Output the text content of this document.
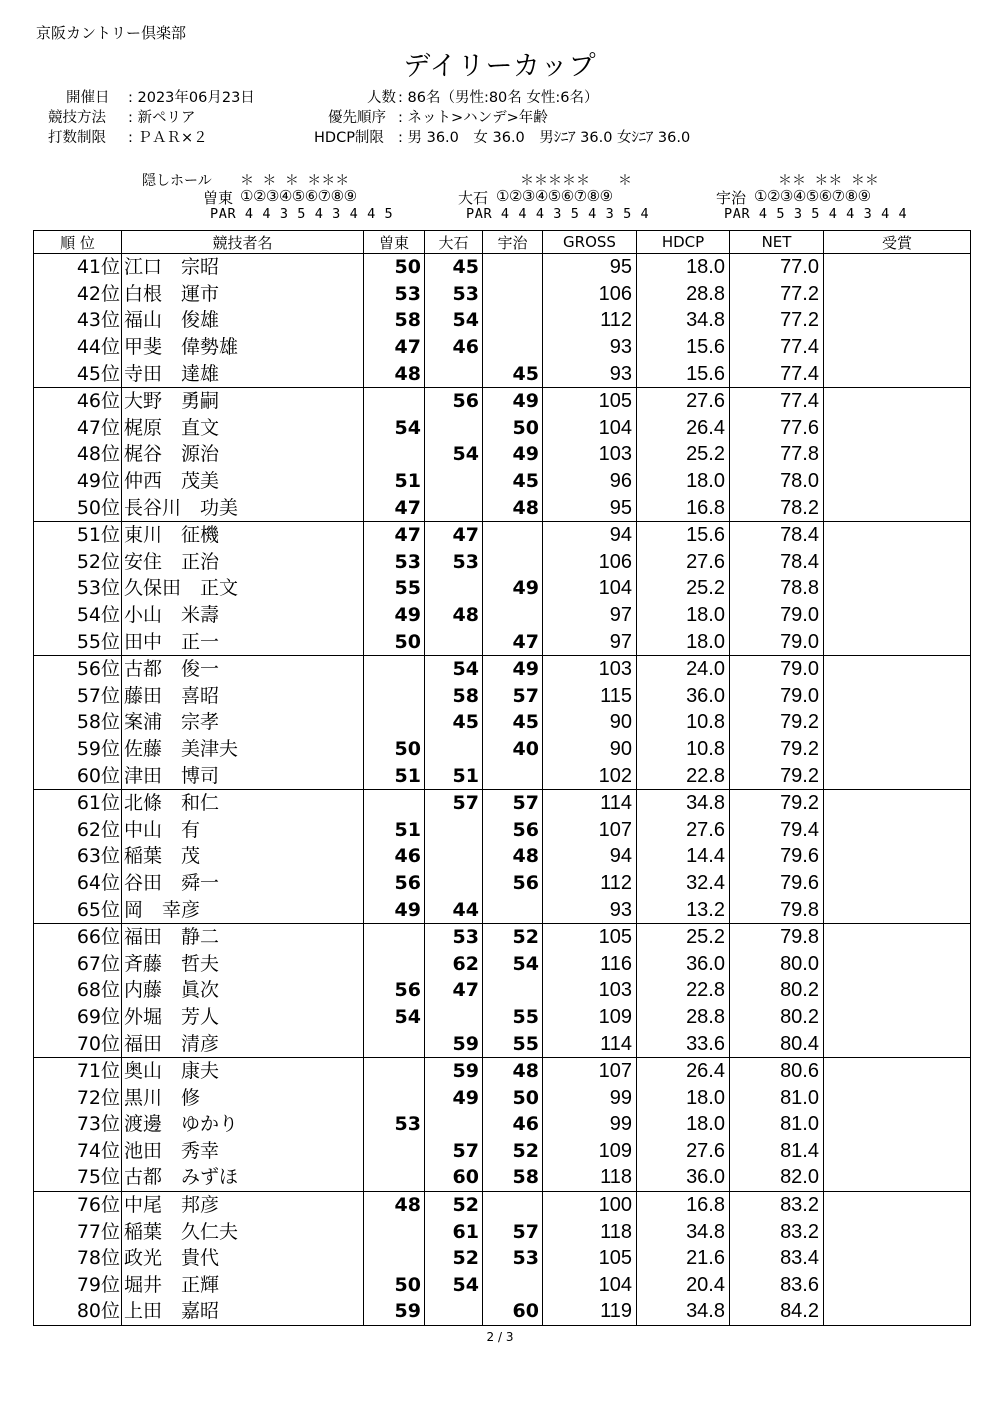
京阪カントリー倶楽部
デイリーカップ
開催日 : 2023年06月23日
競技方法 : 新ペリア
打数制限 : ＰＡＲ×２
人数 : 86名（男性:80名 女性:6名）
優先順序 : ネット>ハンデ>年齢
HDCP制限 : 男 36.0　女 36.0　男ｼﾆｱ 36.0 女ｼﾆｱ 36.0
隠しホール ＊ ＊ ＊ ＊＊＊
曽東 ①②③④⑤⑥⑦⑧⑨
PAR 4 4 3 5 4 3 4 4 5
＊＊＊＊＊　　＊
大石 ①②③④⑤⑥⑦⑧⑨
PAR 4 4 4 3 5 4 3 5 4
＊＊ ＊＊ ＊＊
宇治 ①②③④⑤⑥⑦⑧⑨
PAR 4 5 3 5 4 4 3 4 4
順 位	競技者名	曽東	大石	宇治	GROSS	HDCP	NET	受賞
41位	江口　宗昭	50	45		95	18.0	77.0	
42位	白根　運市	53	53		106	28.8	77.2	
43位	福山　俊雄	58	54		112	34.8	77.2	
44位	甲斐　偉勢雄	47	46		93	15.6	77.4	
45位	寺田　達雄	48		45	93	15.6	77.4	
46位	大野　勇嗣		56	49	105	27.6	77.4	
47位	梶原　直文	54		50	104	26.4	77.6	
48位	梶谷　源治		54	49	103	25.2	77.8	
49位	仲西　茂美	51		45	96	18.0	78.0	
50位	長谷川　功美	47		48	95	16.8	78.2	
51位	東川　征機	47	47		94	15.6	78.4	
52位	安住　正治	53	53		106	27.6	78.4	
53位	久保田　正文	55		49	104	25.2	78.8	
54位	小山　米壽	49	48		97	18.0	79.0	
55位	田中　正一	50		47	97	18.0	79.0	
56位	古都　俊一		54	49	103	24.0	79.0	
57位	藤田　喜昭		58	57	115	36.0	79.0	
58位	案浦　宗孝		45	45	90	10.8	79.2	
59位	佐藤　美津夫	50		40	90	10.8	79.2	
60位	津田　博司	51	51		102	22.8	79.2	
61位	北條　和仁		57	57	114	34.8	79.2	
62位	中山　有	51		56	107	27.6	79.4	
63位	稲葉　茂	46		48	94	14.4	79.6	
64位	谷田　舜一	56		56	112	32.4	79.6	
65位	岡　幸彦	49	44		93	13.2	79.8	
66位	福田　静二		53	52	105	25.2	79.8	
67位	斉藤　哲夫		62	54	116	36.0	80.0	
68位	内藤　眞次	56	47		103	22.8	80.2	
69位	外堀　芳人	54		55	109	28.8	80.2	
70位	福田　清彦		59	55	114	33.6	80.4	
71位	奥山　康夫		59	48	107	26.4	80.6	
72位	黒川　修		49	50	99	18.0	81.0	
73位	渡邊　ゆかり	53		46	99	18.0	81.0	
74位	池田　秀幸		57	52	109	27.6	81.4	
75位	古都　みずほ		60	58	118	36.0	82.0	
76位	中尾　邦彦	48	52		100	16.8	83.2	
77位	稲葉　久仁夫		61	57	118	34.8	83.2	
78位	政光　貴代		52	53	105	21.6	83.4	
79位	堀井　正輝	50	54		104	20.4	83.6	
80位	上田　嘉昭	59		60	119	34.8	84.2	
2 / 3
